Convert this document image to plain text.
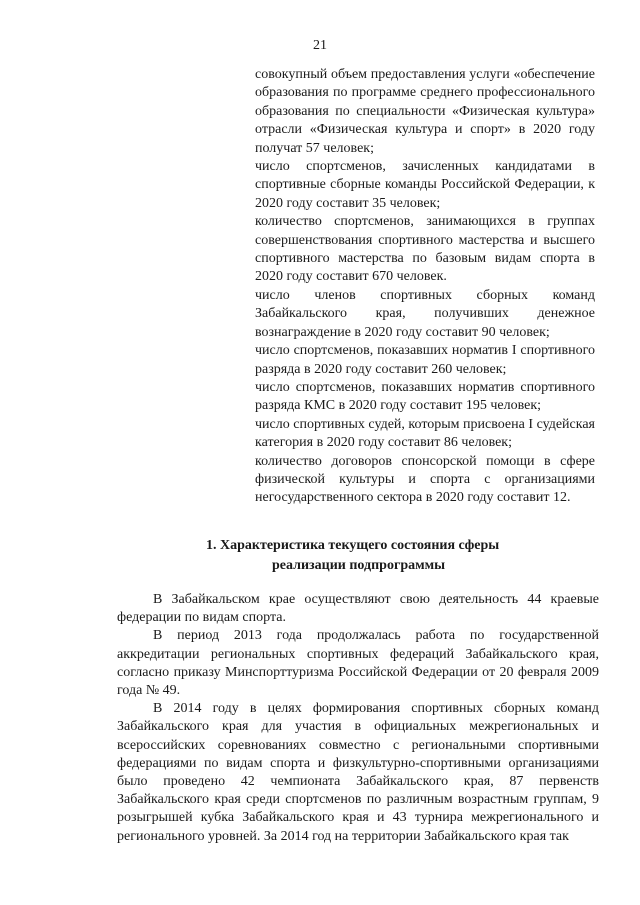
21

совокупный объем предоставления услуги «обеспечение образования по программе среднего профессионального образования по специальности «Физическая культура» отрасли «Физическая культура и спорт» в 2020 году получат 57 человек;

число спортсменов, зачисленных кандидатами в спортивные сборные команды Российской Федерации, к 2020 году составит 35 человек;

количество спортсменов, занимающихся в группах совершенствования спортивного мастерства и высшего спортивного мастерства по базовым видам спорта в 2020 году составит 670 человек.

число членов спортивных сборных команд Забайкальского края, получивших денежное вознаграждение в 2020 году составит 90 человек;

число спортсменов, показавших норматив I спортивного разряда в 2020 году составит 260 человек;

число спортсменов, показавших норматив спортивного разряда КМС в 2020 году составит 195 человек;

число спортивных судей, которым присвоена I судейская категория в 2020 году составит 86 человек;

количество договоров спонсорской помощи в сфере физической культуры и спорта с организациями негосударственного сектора в 2020 году составит 12.

1. Характеристика текущего состояния сферы
реализации подпрограммы

В Забайкальском крае осуществляют свою деятельность 44 краевые федерации по видам спорта.

В период 2013 года продолжалась работа по государственной аккредитации региональных спортивных федераций Забайкальского края, согласно приказу Минспорттуризма Российской Федерации от 20 февраля 2009 года № 49.

В 2014 году в целях формирования спортивных сборных команд Забайкальского края для участия в официальных межрегиональных и всероссийских соревнованиях совместно с региональными спортивными федерациями по видам спорта и физкультурно-спортивными организациями было проведено 42 чемпионата Забайкальского края, 87 первенств Забайкальского края среди спортсменов по различным возрастным группам, 9 розыгрышей кубка Забайкальского края и 43 турнира межрегионального и регионального уровней. За 2014 год на территории Забайкальского края так
